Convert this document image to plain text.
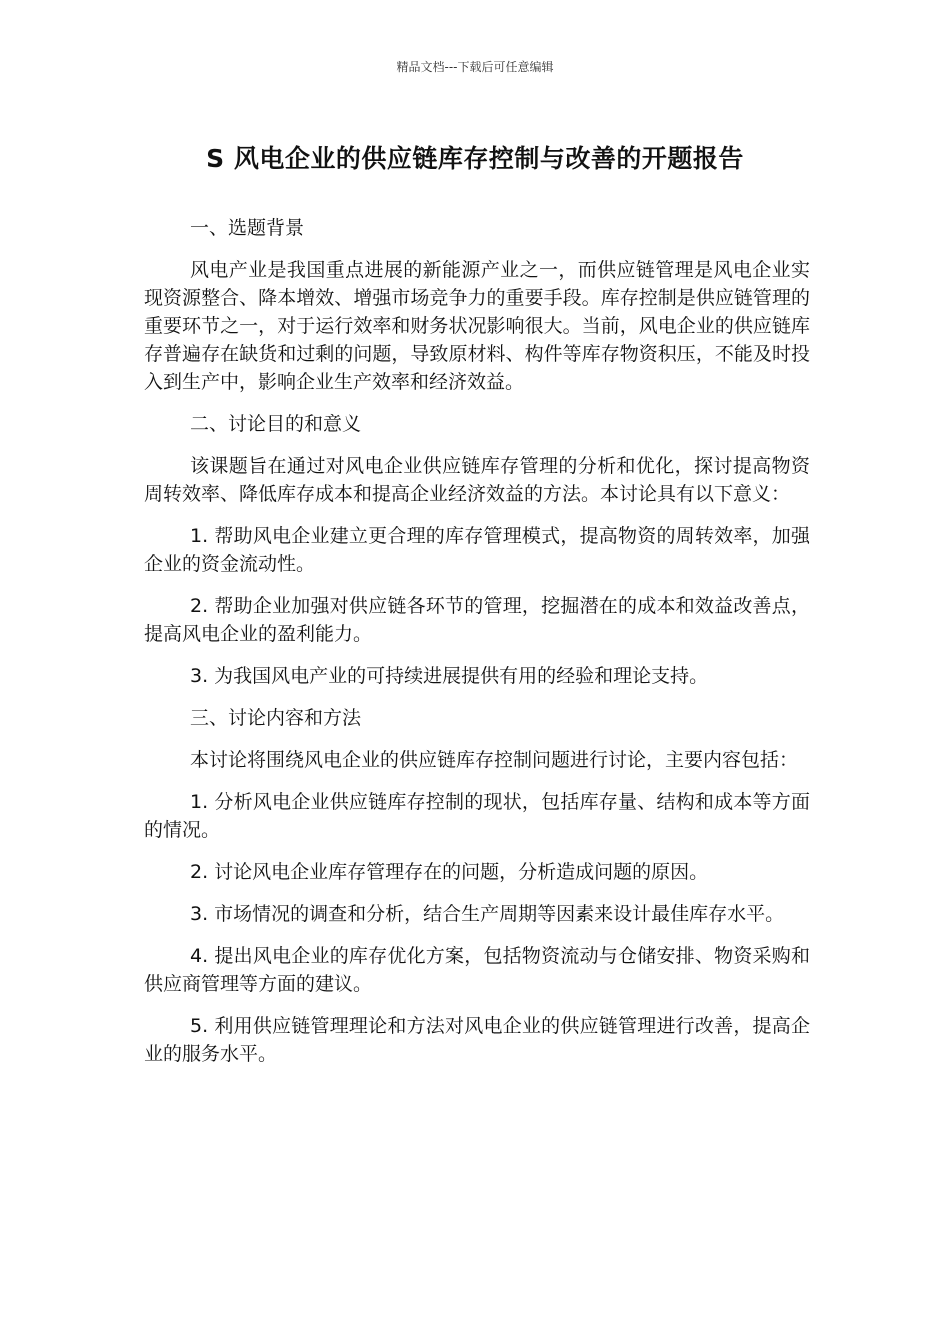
精品文档---下载后可任意编辑
S 风电企业的供应链库存控制与改善的开题报告

一、选题背景

风电产业是我国重点进展的新能源产业之一，而供应链管理是风电企业实现资源整合、降本增效、增强市场竞争力的重要手段。库存控制是供应链管理的重要环节之一，对于运行效率和财务状况影响很大。当前，风电企业的供应链库存普遍存在缺货和过剩的问题，导致原材料、构件等库存物资积压，不能及时投入到生产中，影响企业生产效率和经济效益。

二、讨论目的和意义

该课题旨在通过对风电企业供应链库存管理的分析和优化，探讨提高物资周转效率、降低库存成本和提高企业经济效益的方法。本讨论具有以下意义：

1. 帮助风电企业建立更合理的库存管理模式，提高物资的周转效率，加强企业的资金流动性。

2. 帮助企业加强对供应链各环节的管理，挖掘潜在的成本和效益改善点，提高风电企业的盈利能力。

3. 为我国风电产业的可持续进展提供有用的经验和理论支持。

三、讨论内容和方法

本讨论将围绕风电企业的供应链库存控制问题进行讨论，主要内容包括：

1. 分析风电企业供应链库存控制的现状，包括库存量、结构和成本等方面的情况。

2. 讨论风电企业库存管理存在的问题，分析造成问题的原因。

3. 市场情况的调查和分析，结合生产周期等因素来设计最佳库存水平。

4. 提出风电企业的库存优化方案，包括物资流动与仓储安排、物资采购和供应商管理等方面的建议。

5. 利用供应链管理理论和方法对风电企业的供应链管理进行改善，提高企业的服务水平。
